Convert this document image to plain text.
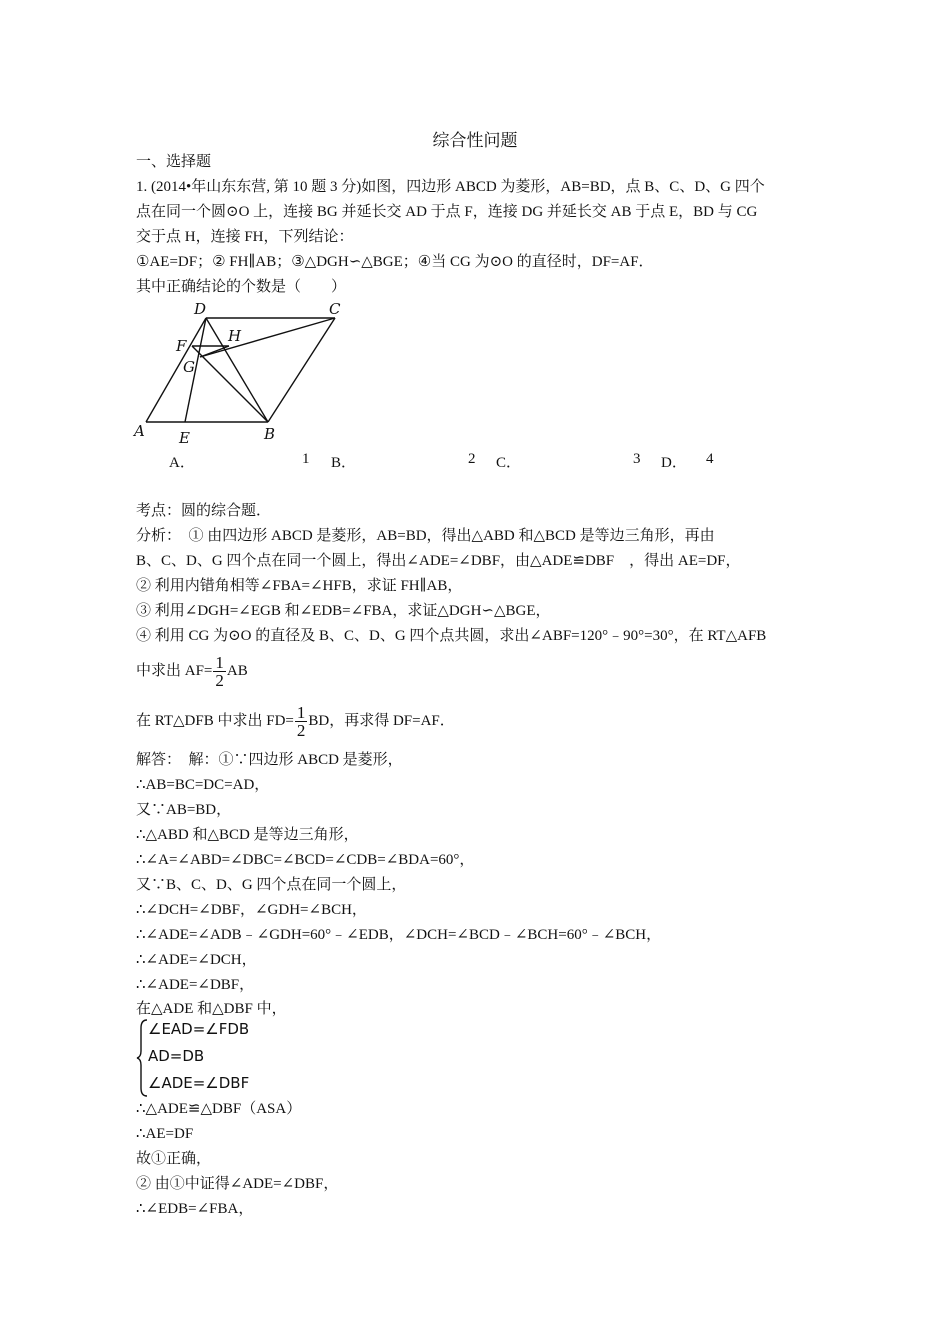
综合性问题
一、选择题
1. (2014•年山东东营, 第 10 题 3 分)如图，四边形 ABCD 为菱形，AB=BD，点 B、C、D、G 四个
点在同一个圆⊙O 上，连接 BG 并延长交 AD 于点 F，连接 DG 并延长交 AB 于点 E，BD 与 CG
交于点 H，连接 FH，下列结论：
①AE=DF；② FH∥AB；③△DGH∽△BGE；④当 CG 为⊙O 的直径时，DF=AF．
其中正确结论的个数是（　　）
A E	B
C
D
F
G
H
A．	1 B．	2 C．	3 D． 4
考点：圆的综合题．
分析：　① 由四边形 ABCD 是菱形，AB=BD，得出△ABD 和△BCD 是等边三角形，再由
B、C、D、G 四个点在同一个圆上，得出∠ADE=∠DBF，由△ADE≌DBF　，得出 AE=DF，
② 利用内错角相等∠FBA=∠HFB，求证 FH∥AB，
③ 利用∠DGH=∠EGB 和∠EDB=∠FBA，求证△DGH∽△BGE，
④ 利用 CG 为⊙O 的直径及 B、C、D、G 四个点共圆，求出∠ABF=120°﹣90°=30°，在 RT△AFB
中求出 $AF= \frac{1}{2}$ AB
在 RT△DFB 中求出 $FD= \frac{1}{2}$ BD，再求得 DF=AF．
解答：　解：①∵四边形 ABCD 是菱形，
∴AB=BC=DC=AD，
又∵AB=BD，
∴△ABD 和△BCD 是等边三角形，
∴∠A=∠ABD=∠DBC=∠BCD=∠CDB=∠BDA=60°，
又∵B、C、D、G 四个点在同一个圆上，
∴∠DCH=∠DBF，∠GDH=∠BCH，
∴∠ADE=∠ADB﹣∠GDH=60°﹣∠EDB，∠DCH=∠BCD﹣∠BCH=60°﹣∠BCH，
∴∠ADE=∠DCH，
∴∠ADE=∠DBF，
在△ADE 和△DBF 中，
∠EAD=∠FDB
AD=DB
∠ADE=∠DBF
∴△ADE≌△DBF（ASA）
∴AE=DF
故①正确，
② 由①中证得∠ADE=∠DBF，
∴∠EDB=∠FBA，
